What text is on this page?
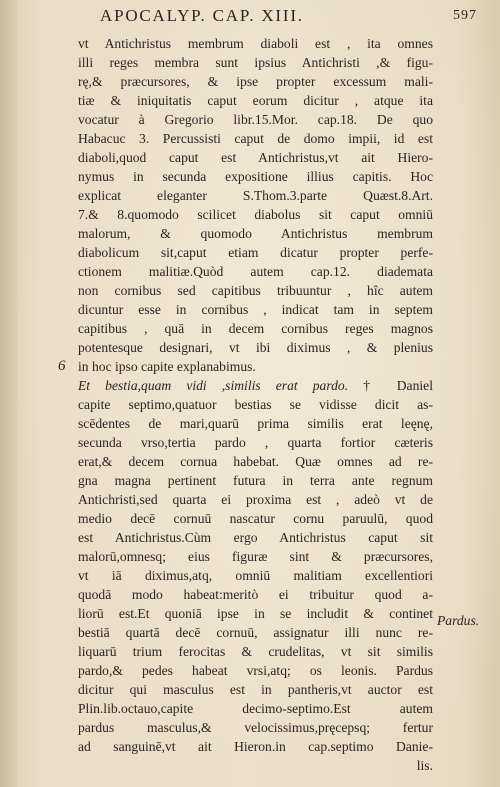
APOCALYP. CAP. XIII.	597
6
Pardus.

vt Antichristus membrum diaboli est , ita omnes
illi reges membra sunt ipsius Antichristi ,& figu-
rę,& præcursores, & ipse propter excessum mali-
tiæ & iniquitatis caput eorum dicitur , atque ita
vocatur à Gregorio libr.15.Mor. cap.18. De quo
Habacuc 3. Percussisti caput de domo impii, id est
diaboli,quod caput est Antichristus,vt ait Hiero-
nymus in secunda expositione illius capitis. Hoc
explicat eleganter S.Thom.3.parte Quæst.8.Art.
7.& 8.quomodo scilicet diabolus sit caput omniū
malorum, & quomodo Antichristus membrum
diabolicum sit,caput etiam dicatur propter perfe-
ctionem malitiæ.Quòd autem cap.12. diademata
non cornibus sed capitibus tribuuntur , hîc autem
dicuntur esse in cornibus , indicat tam in septem
capitibus , quā in decem cornibus reges magnos
potentesque designari, vt ibi diximus , & plenius
in hoc ipso capite explanabimus.

Et bestia,quam vidi ,similis erat pardo. † Daniel
capite septimo,quatuor bestias se vidisse dicit as-
scēdentes de mari,quarū prima similis erat leęnę,
secunda vrso,tertia pardo , quarta fortior cæteris
erat,& decem cornua habebat. Quæ omnes ad re-
gna magna pertinent futura in terra ante regnum
Antichristi,sed quarta ei proxima est , adeò vt de
medio decē cornuū nascatur cornu paruulū, quod
est Antichristus.Cùm ergo Antichristus caput sit
malorū,omnesq; eius figuræ sint & præcursores,
vt iā diximus,atq, omniū malitiam excellentiori
quodā modo habeat:meritò ei tribuitur quod a-
liorū est.Et quoniā ipse in se includit & continet
bestiā quartā decē cornuū, assignatur illi nunc re-
liquarū trium ferocitas & crudelitas, vt sit similis
pardo,& pedes habeat vrsi,atq; os leonis. Pardus
dicitur qui masculus est in pantheris,vt auctor est
Plin.lib.octauo,capite decimo-septimo.Est autem
pardus masculus,& velocissimus,pręcepsq; fertur
ad sanguinē,vt ait Hieron.in cap.septimo Danie-
lis.
